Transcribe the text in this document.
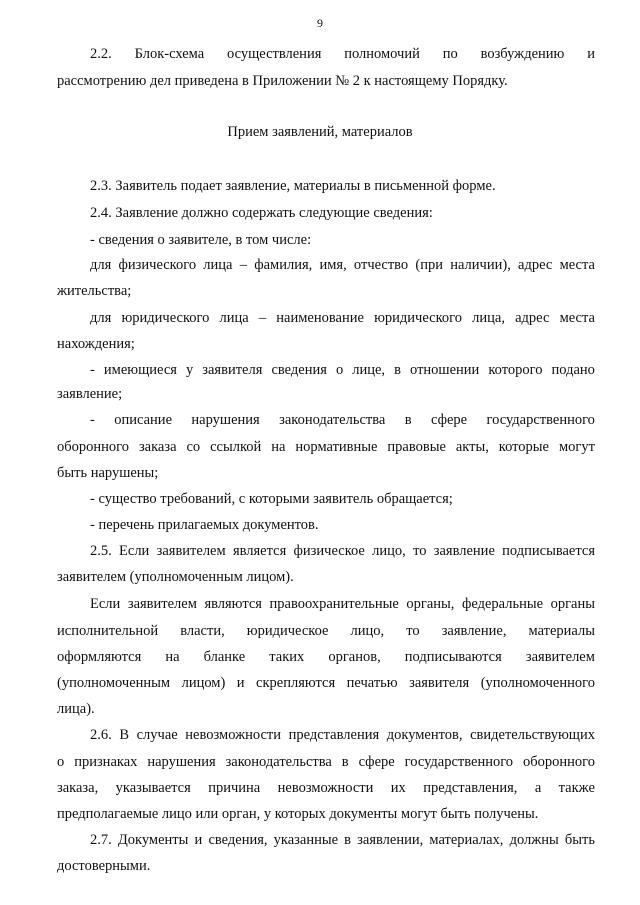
9
2.2. Блок-схема осуществления полномочий по возбуждению и
рассмотрению дел приведена в Приложении № 2 к настоящему Порядку.
Прием заявлений, материалов
2.3. Заявитель подает заявление, материалы в письменной форме.
2.4. Заявление должно содержать следующие сведения:
- сведения о заявителе, в том числе:
для физического лица – фамилия, имя, отчество (при наличии), адрес места
жительства;
для юридического лица – наименование юридического лица, адрес места
нахождения;
- имеющиеся у заявителя сведения о лице, в отношении которого подано
заявление;
- описание нарушения законодательства в сфере государственного
оборонного заказа со ссылкой на нормативные правовые акты, которые могут
быть нарушены;
- существо требований, с которыми заявитель обращается;
- перечень прилагаемых документов.
2.5. Если заявителем является физическое лицо, то заявление подписывается
заявителем (уполномоченным лицом).
Если заявителем являются правоохранительные органы, федеральные органы
исполнительной власти, юридическое лицо, то заявление, материалы
оформляются на бланке таких органов, подписываются заявителем
(уполномоченным лицом) и скрепляются печатью заявителя (уполномоченного
лица).
2.6. В случае невозможности представления документов, свидетельствующих
о признаках нарушения законодательства в сфере государственного оборонного
заказа, указывается причина невозможности их представления, а также
предполагаемые лицо или орган, у которых документы могут быть получены.
2.7. Документы и сведения, указанные в заявлении, материалах, должны быть
достоверными.
